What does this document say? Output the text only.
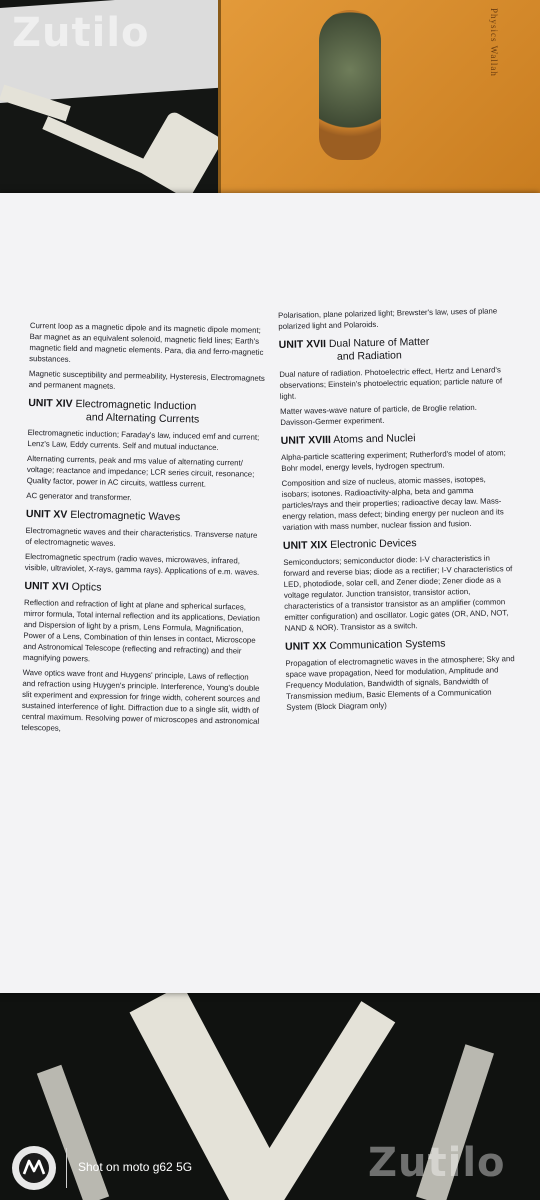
Physics Wallah

Current loop as a magnetic dipole and its magnetic dipole moment; Bar magnet as an equivalent solenoid, magnetic field lines; Earth's magnetic field and magnetic elements. Para, dia and ferro-magnetic substances.

Magnetic susceptibility and permeability, Hysteresis, Electromagnets and permanent magnets.

UNIT XIV Electromagnetic Induction
and Alternating Currents

Electromagnetic induction; Faraday's law, induced emf and current; Lenz's Law, Eddy currents. Self and mutual inductance.

Alternating currents, peak and rms value of alternating current/ voltage; reactance and impedance; LCR series circuit, resonance; Quality factor, power in AC circuits, wattless current.

AC generator and transformer.

UNIT XV Electromagnetic Waves

Electromagnetic waves and their characteristics. Transverse nature of electromagnetic waves.

Electromagnetic spectrum (radio waves, microwaves, infrared, visible, ultraviolet, X-rays, gamma rays). Applications of e.m. waves.

UNIT XVI Optics

Reflection and refraction of light at plane and spherical surfaces, mirror formula, Total internal reflection and its applications, Deviation and Dispersion of light by a prism, Lens Formula, Magnification, Power of a Lens, Combination of thin lenses in contact, Microscope and Astronomical Telescope (reflecting and refracting) and their magnifying powers.

Wave optics wave front and Huygens' principle, Laws of reflection and refraction using Huygen's principle. Interference, Young's double slit experiment and expression for fringe width, coherent sources and sustained interference of light. Diffraction due to a single slit, width of central maximum. Resolving power of microscopes and astronomical telescopes,

Polarisation, plane polarized light; Brewster's law, uses of plane polarized light and Polaroids.

UNIT XVII Dual Nature of Matter
and Radiation

Dual nature of radiation. Photoelectric effect, Hertz and Lenard's observations; Einstein's photoelectric equation; particle nature of light.

Matter waves-wave nature of particle, de Broglie relation. Davisson-Germer experiment.

UNIT XVIII Atoms and Nuclei

Alpha-particle scattering experiment; Rutherford's model of atom; Bohr model, energy levels, hydrogen spectrum.

Composition and size of nucleus, atomic masses, isotopes, isobars; isotones. Radioactivity-alpha, beta and gamma particles/rays and their properties; radioactive decay law. Mass-energy relation, mass defect; binding energy per nucleon and its variation with mass number, nuclear fission and fusion.

UNIT XIX Electronic Devices

Semiconductors; semiconductor diode: I-V characteristics in forward and reverse bias; diode as a rectifier; I-V characteristics of LED, photodiode, solar cell, and Zener diode; Zener diode as a voltage regulator. Junction transistor, transistor action, characteristics of a transistor transistor as an amplifier (common emitter configuration) and oscillator. Logic gates (OR, AND, NOT, NAND & NOR). Transistor as a switch.

UNIT XX Communication Systems

Propagation of electromagnetic waves in the atmosphere; Sky and space wave propagation, Need for modulation, Amplitude and Frequency Modulation, Bandwidth of signals, Bandwidth of Transmission medium, Basic Elements of a Communication System (Block Diagram only)

Zutilo
Zutilo
Shot on moto g62 5G
